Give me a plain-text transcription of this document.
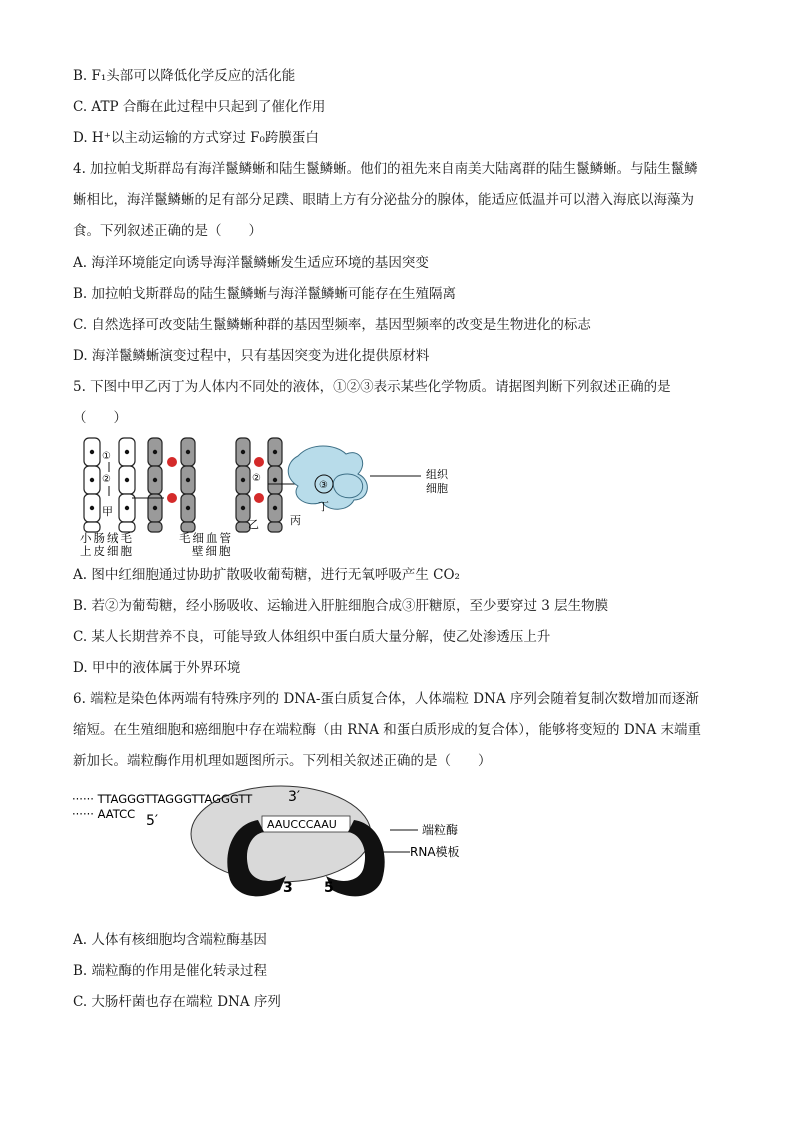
B. F₁头部可以降低化学反应的活化能
C. ATP 合酶在此过程中只起到了催化作用
D. H⁺以主动运输的方式穿过 F₀跨膜蛋白
4. 加拉帕戈斯群岛有海洋鬣鳞蜥和陆生鬣鳞蜥。他们的祖先来自南美大陆离群的陆生鬣鳞蜥。与陆生鬣鳞
蜥相比，海洋鬣鳞蜥的足有部分足蹼、眼睛上方有分泌盐分的腺体，能适应低温并可以潜入海底以海藻为
食。下列叙述正确的是（　　）
A. 海洋环境能定向诱导海洋鬣鳞蜥发生适应环境的基因突变
B. 加拉帕戈斯群岛的陆生鬣鳞蜥与海洋鬣鳞蜥可能存在生殖隔离
C. 自然选择可改变陆生鬣鳞蜥种群的基因型频率，基因型频率的改变是生物进化的标志
D. 海洋鬣鳞蜥演变过程中，只有基因突变为进化提供原材料
5. 下图中甲乙丙丁为人体内不同处的液体，①②③表示某些化学物质。请据图判断下列叙述正确的是
（　　）
①
②
甲
②
乙
③
丁
丙
组织
细胞
小肠绒毛
上皮细胞
毛细血管
壁细胞
A. 图中红细胞通过协助扩散吸收葡萄糖，进行无氧呼吸产生 CO₂
B. 若②为葡萄糖，经小肠吸收、运输进入肝脏细胞合成③肝糖原，至少要穿过 3 层生物膜
C. 某人长期营养不良，可能导致人体组织中蛋白质大量分解，使乙处渗透压上升
D. 甲中的液体属于外界环境
6. 端粒是染色体两端有特殊序列的 DNA-蛋白质复合体，人体端粒 DNA 序列会随着复制次数增加而逐渐
缩短。在生殖细胞和癌细胞中存在端粒酶（由 RNA 和蛋白质形成的复合体），能够将变短的 DNA 末端重
新加长。端粒酶作用机理如题图所示。下列相关叙述正确的是（　　）
······ TTAGGGTTAGGGTTAGGGTT	3′
······ AATCC 5′	AAUCCCAAU
3 5
端粒酶
RNA模板
A. 人体有核细胞均含端粒酶基因
B. 端粒酶的作用是催化转录过程
C. 大肠杆菌也存在端粒 DNA 序列
